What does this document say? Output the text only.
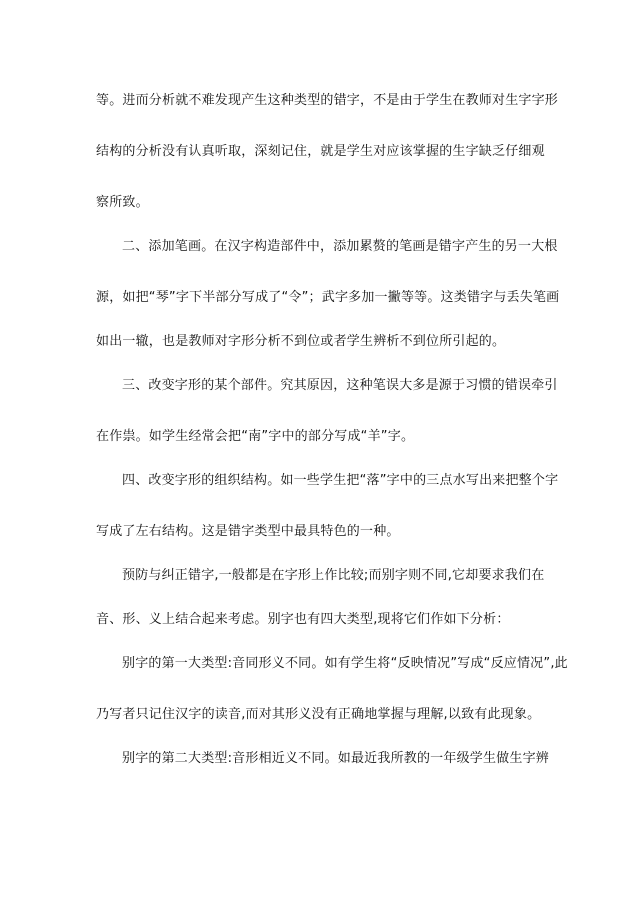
等。进而分析就不难发现产生这种类型的错字，不是由于学生在教师对生字字形
结构的分析没有认真听取，深刻记住，就是学生对应该掌握的生字缺乏仔细观
察所致。
二、添加笔画。在汉字构造部件中，添加累赘的笔画是错字产生的另一大根
源，如把“琴”字下半部分写成了“令”；武字多加一撇等等。这类错字与丢失笔画
如出一辙，也是教师对字形分析不到位或者学生辨析不到位所引起的。
三、改变字形的某个部件。究其原因，这种笔误大多是源于习惯的错误牵引
在作祟。如学生经常会把“南”字中的部分写成“羊”字。
四、改变字形的组织结构。如一些学生把“落”字中的三点水写出来把整个字
写成了左右结构。这是错字类型中最具特色的一种。
预防与纠正错字,一般都是在字形上作比较;而别字则不同,它却要求我们在
音、形、义上结合起来考虑。别字也有四大类型,现将它们作如下分析：
别字的第一大类型:音同形义不同。如有学生将“反映情况”写成“反应情况”,此
乃写者只记住汉字的读音,而对其形义没有正确地掌握与理解,以致有此现象。
别字的第二大类型:音形相近义不同。如最近我所教的一年级学生做生字辨
